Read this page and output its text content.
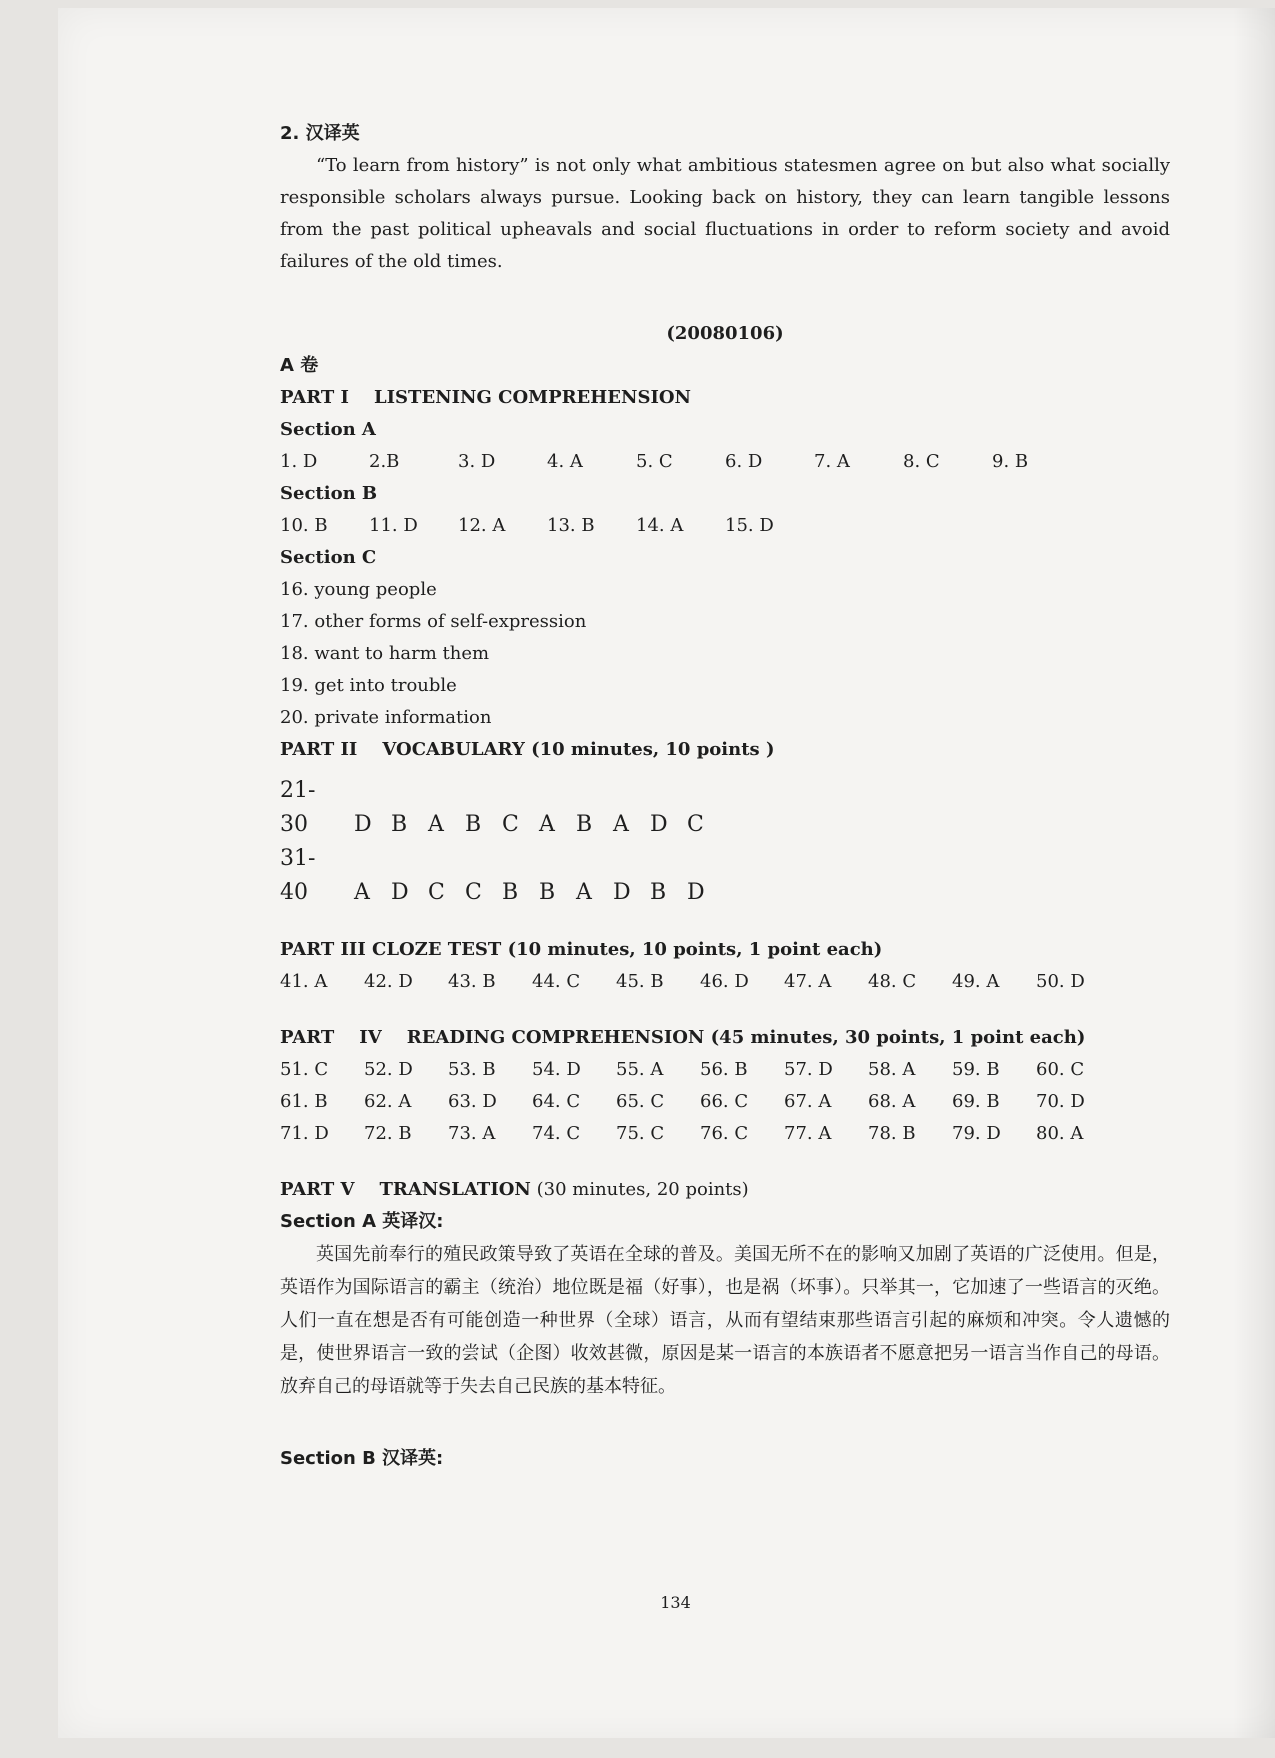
2. 汉译英
“To learn from history” is not only what ambitious statesmen agree on but also what socially responsible scholars always pursue. Looking back on history, they can learn tangible lessons from the past political upheavals and social fluctuations in order to reform society and avoid failures of the old times.
(20080106)
A 卷
PART I    LISTENING COMPREHENSION
Section A
1. D	2.B	3. D	4. A	5. C	6. D	7. A	8. C	9. B
Section B
10. B	11. D	12. A	13. B	14. A	15. D
Section C
16. young people
17. other forms of self-expression
18. want to harm them
19. get into trouble
20. private information
PART II    VOCABULARY (10 minutes, 10 points )
21-30 D B A B C A B A D C
31-40 A D C C B B A D B D
PART III CLOZE TEST (10 minutes, 10 points, 1 point each)
41. A	42. D	43. B	44. C	45. B	46. D	47. A	48. C	49. A	50. D
PART    IV    READING COMPREHENSION (45 minutes, 30 points, 1 point each)
51. C	52. D	53. B	54. D	55. A	56. B	57. D	58. A	59. B	60. C
61. B	62. A	63. D	64. C	65. C	66. C	67. A	68. A	69. B	70. D
71. D	72. B	73. A	74. C	75. C	76. C	77. A	78. B	79. D	80. A
PART V    TRANSLATION (30 minutes, 20 points)
Section A 英译汉:
英国先前奉行的殖民政策导致了英语在全球的普及。美国无所不在的影响又加剧了英语的广泛使用。但是，英语作为国际语言的霸主（统治）地位既是福（好事），也是祸（坏事）。只举其一，它加速了一些语言的灭绝。人们一直在想是否有可能创造一种世界（全球）语言，从而有望结束那些语言引起的麻烦和冲突。令人遗憾的是，使世界语言一致的尝试（企图）收效甚微，原因是某一语言的本族语者不愿意把另一语言当作自己的母语。放弃自己的母语就等于失去自己民族的基本特征。
Section B 汉译英:
134
